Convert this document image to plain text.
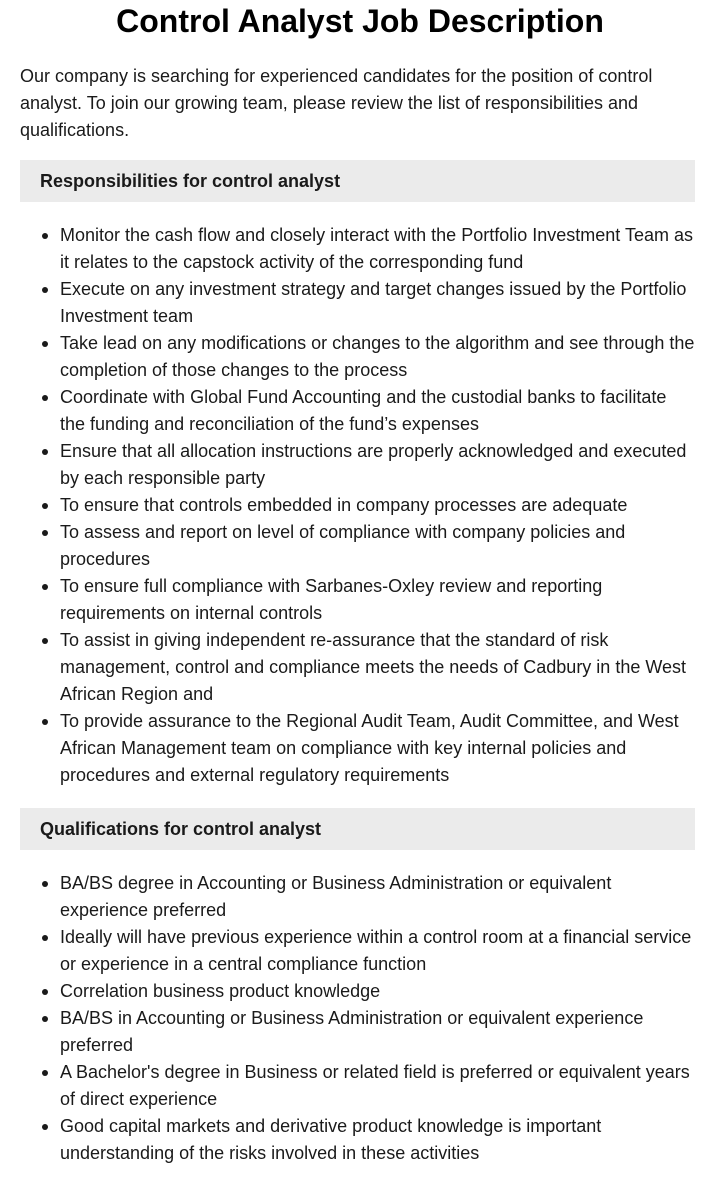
Control Analyst Job Description

Our company is searching for experienced candidates for the position of control analyst. To join our growing team, please review the list of responsibilities and qualifications.

Responsibilities for control analyst
Monitor the cash flow and closely interact with the Portfolio Investment Team as it relates to the capstock activity of the corresponding fund
Execute on any investment strategy and target changes issued by the Portfolio Investment team
Take lead on any modifications or changes to the algorithm and see through the completion of those changes to the process
Coordinate with Global Fund Accounting and the custodial banks to facilitate the funding and reconciliation of the fund’s expenses
Ensure that all allocation instructions are properly acknowledged and executed by each responsible party
To ensure that controls embedded in company processes are adequate
To assess and report on level of compliance with company policies and procedures
To ensure full compliance with Sarbanes-Oxley review and reporting requirements on internal controls
To assist in giving independent re-assurance that the standard of risk management, control and compliance meets the needs of Cadbury in the West African Region and
To provide assurance to the Regional Audit Team, Audit Committee, and West African Management team on compliance with key internal policies and procedures and external regulatory requirements
Qualifications for control analyst
BA/BS degree in Accounting or Business Administration or equivalent experience preferred
Ideally will have previous experience within a control room at a financial service or experience in a central compliance function
Correlation business product knowledge
BA/BS in Accounting or Business Administration or equivalent experience preferred
A Bachelor's degree in Business or related field is preferred or equivalent years of direct experience
Good capital markets and derivative product knowledge is important understanding of the risks involved in these activities
